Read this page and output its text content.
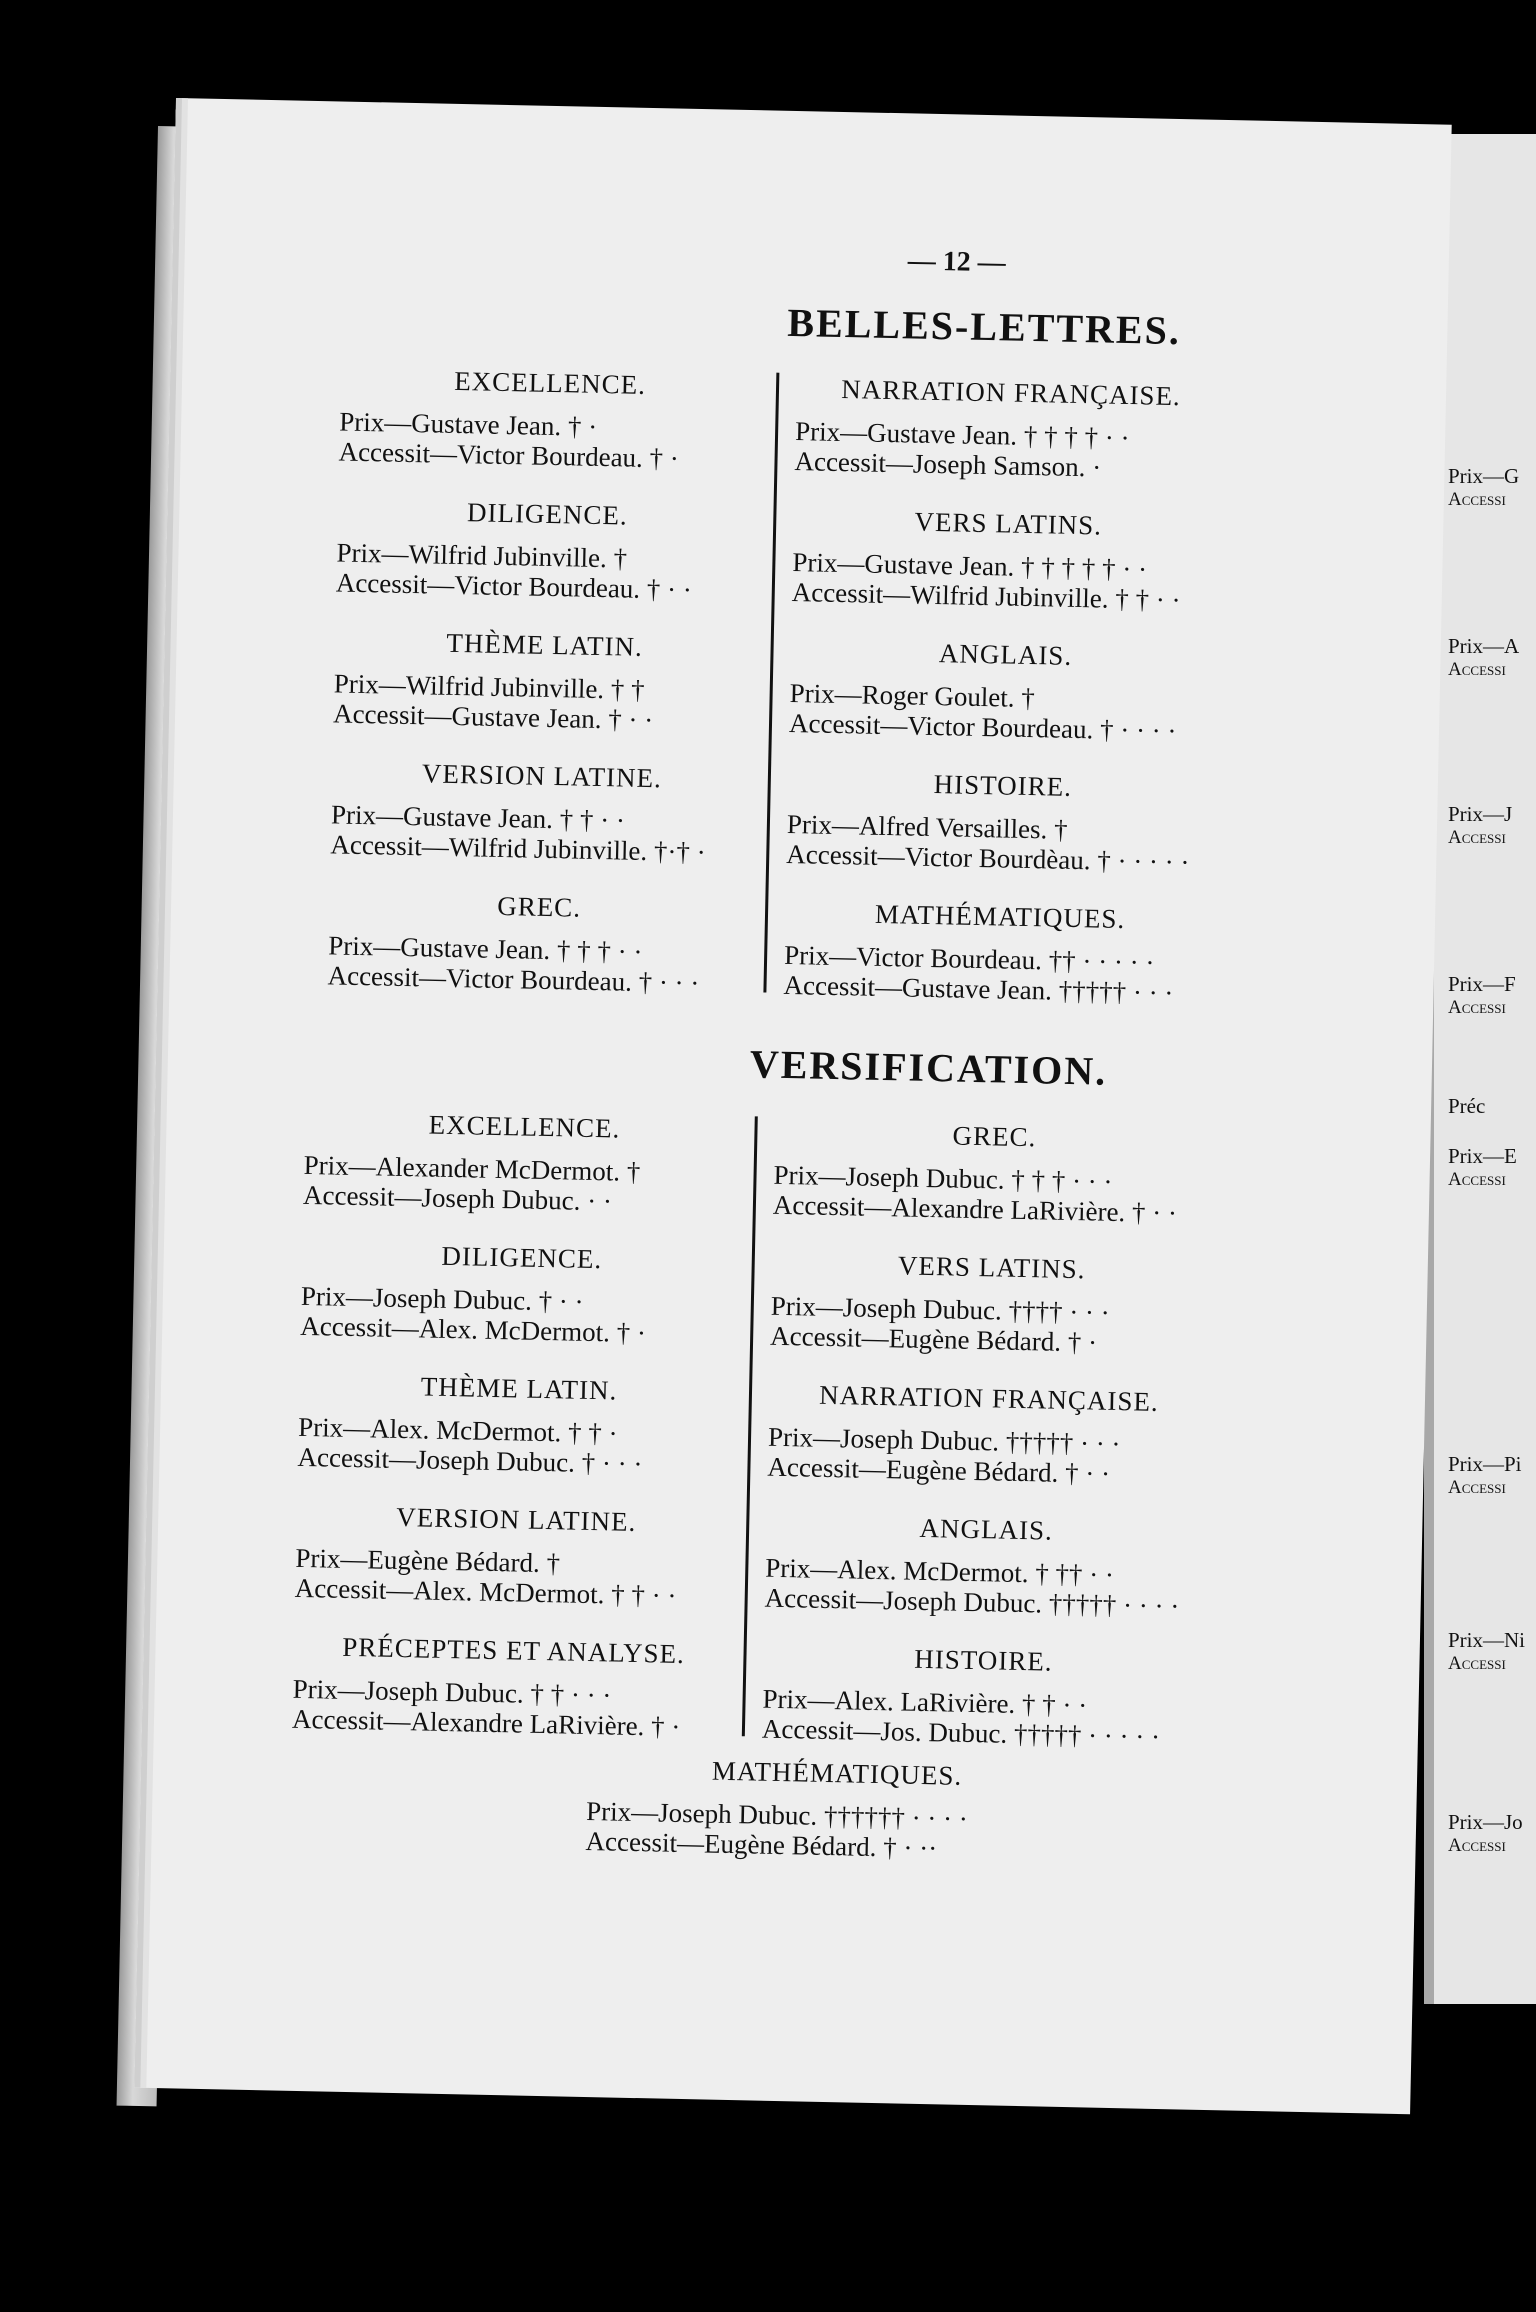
Prix—G
Accessi
Prix—A
Accessi
Prix—J
Accessi
Prix—F
Accessi
Préc
Prix—E
Accessi
Prix—Pi
Accessi
Prix—Ni
Accessi
Prix—Jo
Accessi
— 12 —
BELLES-LETTRES.
EXCELLENCE.
Prix—Gustave Jean. † ·
Accessit—Victor Bourdeau. † ·
DILIGENCE.
Prix—Wilfrid Jubinville. †
Accessit—Victor Bourdeau. † · ·
THÈME LATIN.
Prix—Wilfrid Jubinville. † †
Accessit—Gustave Jean. † · ·
VERSION LATINE.
Prix—Gustave Jean. † † · ·
Accessit—Wilfrid Jubinville. †·† ·
GREC.
Prix—Gustave Jean. † † † · ·
Accessit—Victor Bourdeau. † · · ·
NARRATION FRANÇAISE.
Prix—Gustave Jean. † † † † · ·
Accessit—Joseph Samson. ·
VERS LATINS.
Prix—Gustave Jean. † † † † † · ·
Accessit—Wilfrid Jubinville. † † · ·
ANGLAIS.
Prix—Roger Goulet. †
Accessit—Victor Bourdeau. † · · · ·
HISTOIRE.
Prix—Alfred Versailles. †
Accessit—Victor Bourdèau. † · · · · ·
MATHÉMATIQUES.
Prix—Victor Bourdeau. †† · · · · ·
Accessit—Gustave Jean. ††††† · · ·
VERSIFICATION.
EXCELLENCE.
Prix—Alexander McDermot. †
Accessit—Joseph Dubuc. · ·
DILIGENCE.
Prix—Joseph Dubuc. † · ·
Accessit—Alex. McDermot. † ·
THÈME LATIN.
Prix—Alex. McDermot. † † ·
Accessit—Joseph Dubuc. † · · ·
VERSION LATINE.
Prix—Eugène Bédard. †
Accessit—Alex. McDermot. † † · ·
PRÉCEPTES ET ANALYSE.
Prix—Joseph Dubuc. † † · · ·
Accessit—Alexandre LaRivière. † ·
GREC.
Prix—Joseph Dubuc. † † † · · ·
Accessit—Alexandre LaRivière. † · ·
VERS LATINS.
Prix—Joseph Dubuc. †††† · · ·
Accessit—Eugène Bédard. † ·
NARRATION FRANÇAISE.
Prix—Joseph Dubuc. ††††† · · ·
Accessit—Eugène Bédard. † · ·
ANGLAIS.
Prix—Alex. McDermot. † †† · ·
Accessit—Joseph Dubuc. ††††† · · · ·
HISTOIRE.
Prix—Alex. LaRivière. † † · ·
Accessit—Jos. Dubuc. ††††† · · · · ·
MATHÉMATIQUES.
Prix—Joseph Dubuc. †††††† · · · ·
Accessit—Eugène Bédard. † · ··
